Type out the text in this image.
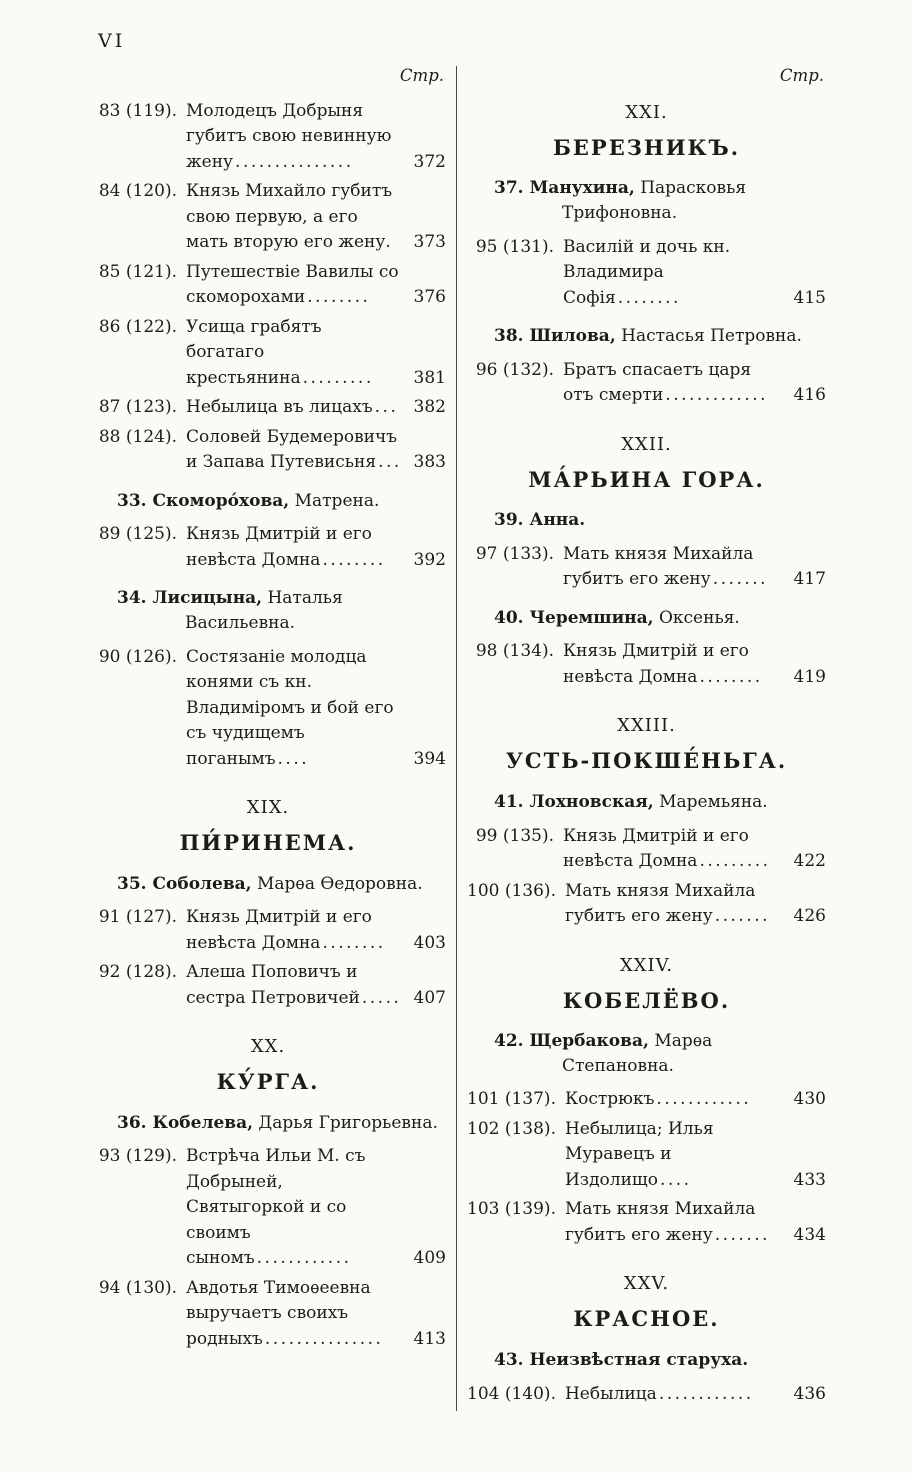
VI
Стр.
83 (119). Молодецъ Добрыня губитъ свою невинную жену ...............	372
84 (120). Князь Михайло губитъ свою первую, а его мать вторую его жену. 373
85 (121). Путешествіе Вавилы со скоморохами ........	376
86 (122). Усища грабятъ богатаго крестьянина ......... 381
87 (123). Небылица въ лицахъ ... 382
88 (124). Соловей Будемеровичъ и Запава Путевисьня ... 383
33. Скоморо́хова, Матрена.
89 (125). Князь Дмитрій и его невѣста Домна ........ 392
34. Лисицына, Наталья Васильевна.
90 (126). Состязаніе молодца конями съ кн. Владиміромъ и бой его съ чудищемъ поганымъ ....	394
XIX.
ПИ́РИНЕМА.
35. Соболева, Марѳа Ѳедоровна.
91 (127). Князь Дмитрій и его невѣста Домна ........ 403
92 (128). Алеша Поповичъ и сестра Петровичей ..... 407
XX.
КУ́РГА.
36. Кобелева, Дарья Григорьевна.
93 (129). Встрѣча Ильи М. съ Добрыней, Святыгоркой и со своимъ сыномъ ............	409
94 (130). Авдотья Тимоѳеевна выручаетъ своихъ родныхъ ............... 413
Стр.
XXI.
БЕРЕЗНИКЪ.
37. Манухина, Парасковья Трифоновна.
95 (131). Василій и дочь кн. Владимира Софія ........	415
38. Шилова, Настасья Петровна.
96 (132). Братъ спасаетъ царя отъ смерти ............. 416
XXII.
МА́РЬИНА ГОРА.
39. Анна.
97 (133). Мать князя Михайла губитъ его жену ....... 417
40. Черемшина, Оксенья.
98 (134). Князь Дмитрій и его невѣста Домна ........ 419
XXIII.
УСТЬ-ПОКШЕ́НЬГА.
41. Лохновская, Маремьяна.
99 (135). Князь Дмитрій и его невѣста Домна ......... 422
100 (136). Мать князя Михайла губитъ его жену ....... 426
XXIV.
КОБЕЛЁВО.
42. Щербакова, Марѳа Степановна.
101 (137). Кострюкъ ............ 430
102 (138). Небылица; Илья Муравецъ и Издолищо ....	433
103 (139). Мать князя Михайла губитъ его жену ....... 434
XXV.
КРАСНОЕ.
43. Неизвѣстная старуха.
104 (140). Небылица ............ 436
